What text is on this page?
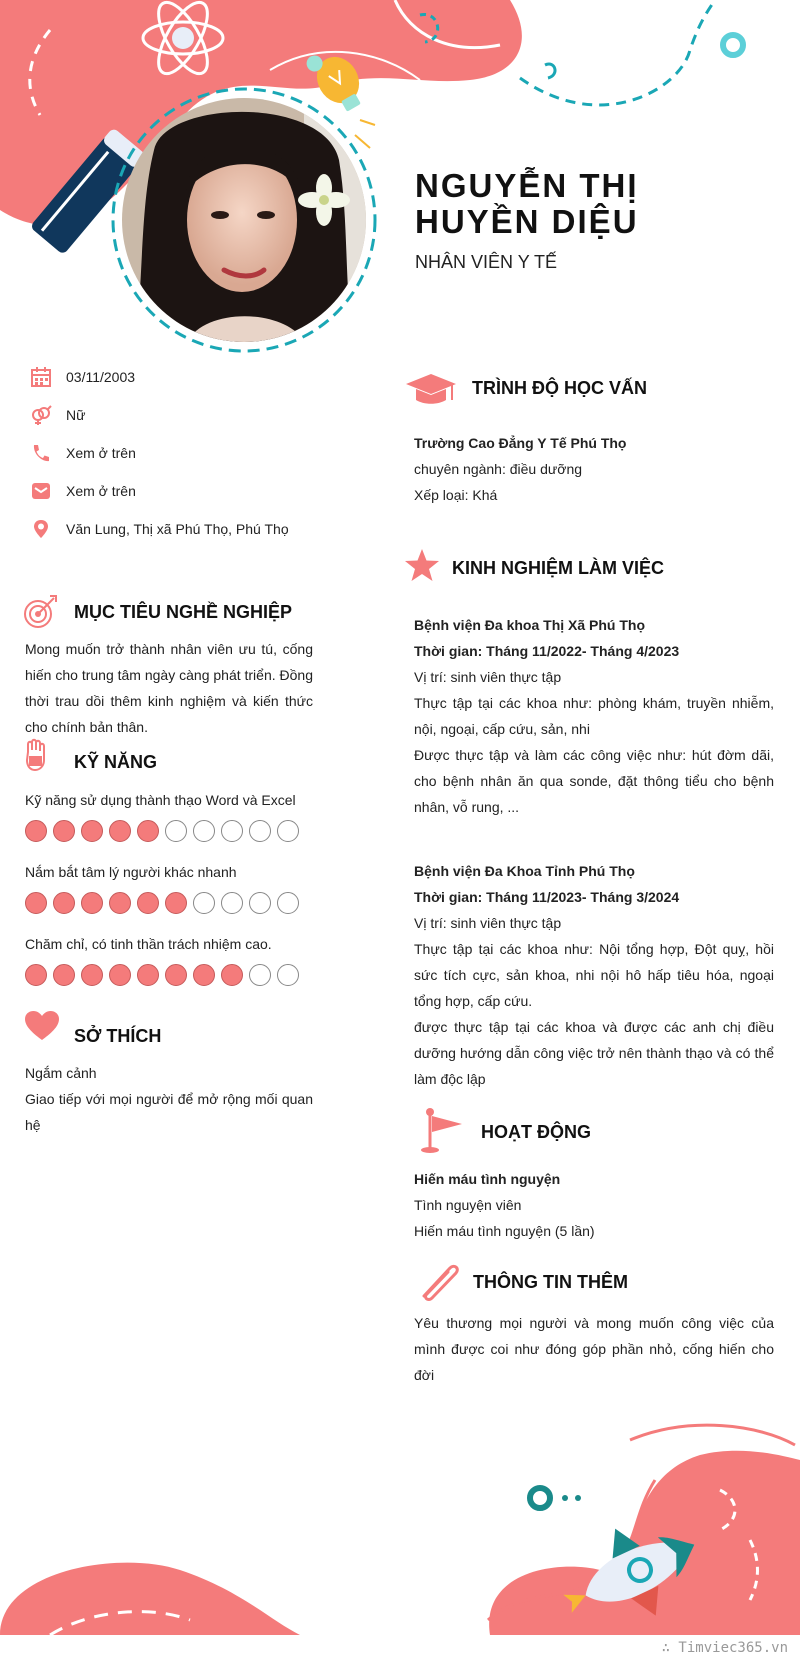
NGUYỄN THỊ HUYỀN DIỆU
NHÂN VIÊN Y TẾ
03/11/2003
Nữ
Xem ở trên
Xem ở trên
Văn Lung, Thị xã Phú Thọ, Phú Thọ
MỤC TIÊU NGHỀ NGHIỆP

Mong muốn trở thành nhân viên ưu tú, cống hiến cho trung tâm ngày càng phát triển. Đồng thời trau dồi thêm kinh nghiệm và kiến thức cho chính bản thân.

KỸ NĂNG
Kỹ năng sử dụng thành thạo Word và Excel
Nắm bắt tâm lý người khác nhanh
Chăm chỉ, có tinh thần trách nhiệm cao.
SỞ THÍCH
Ngắm cảnh
Giao tiếp với mọi người để mở rộng mối quan hệ
TRÌNH ĐỘ HỌC VẤN
Trường Cao Đẳng Y Tế Phú Thọ
chuyên ngành: điều dưỡng
Xếp loại: Khá
KINH NGHIỆM LÀM VIỆC
Bệnh viện Đa khoa Thị Xã Phú Thọ
Thời gian: Tháng 11/2022- Tháng 4/2023
Vị trí: sinh viên thực tập
Thực tập tại các khoa như: phòng khám, truyền nhiễm, nội, ngoại, cấp cứu, sản, nhi
Được thực tập và làm các công việc như: hút đờm dãi, cho bệnh nhân ăn qua sonde, đặt thông tiểu cho bệnh nhân, vỗ rung, ...
Bệnh viện Đa Khoa Tỉnh Phú Thọ
Thời gian: Tháng 11/2023- Tháng 3/2024
Vị trí: sinh viên thực tập
Thực tập tại các khoa như: Nội tổng hợp, Đột quỵ, hồi sức tích cực, sản khoa, nhi nội hô hấp tiêu hóa, ngoại tổng hợp, cấp cứu.
được thực tập tại các khoa và được các anh chị điều dưỡng hướng dẫn công việc trở nên thành thạo và có thể làm độc lập
HOẠT ĐỘNG
Hiến máu tình nguyện
Tình nguyện viên
Hiến máu tình nguyện (5 lần)
THÔNG TIN THÊM

Yêu thương mọi người và mong muốn công việc của mình được coi như đóng góp phần nhỏ, cống hiến cho đời

∴ Timviec365.vn
